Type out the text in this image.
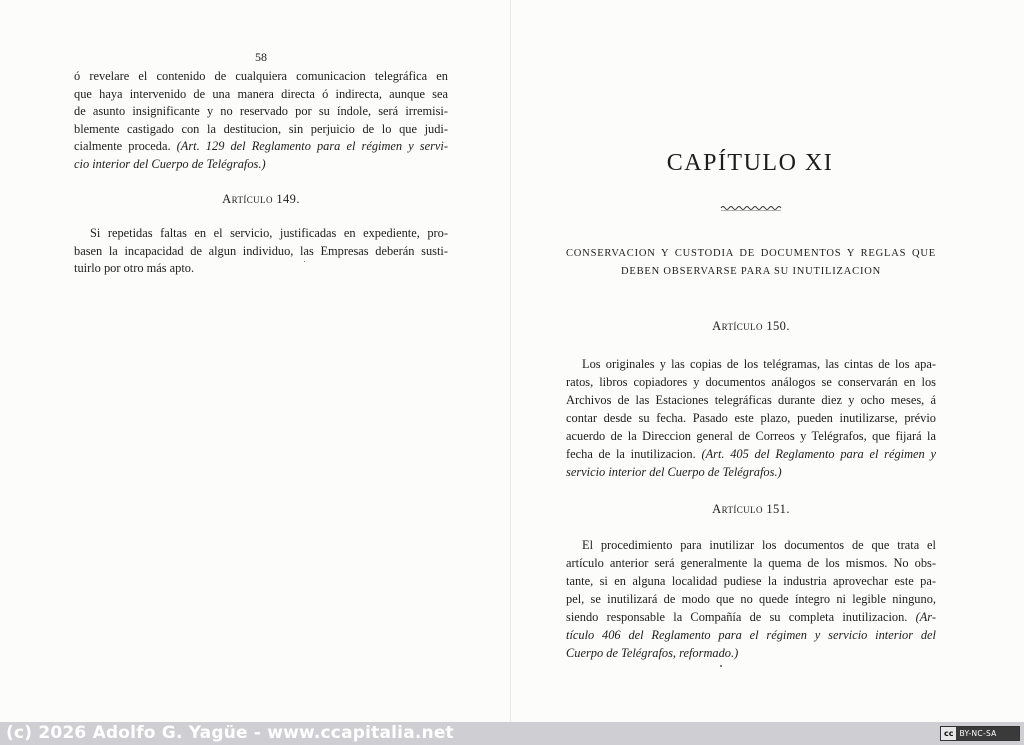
58

ó revelare el contenido de cualquiera comunicacion telegráfica en

que haya intervenido de una manera directa ó indirecta, aunque sea

de asunto insignificante y no reservado por su índole, será irremisi-

blemente castigado con la destitucion, sin perjuicio de lo que judi-

cialmente proceda. (Art. 129 del Reglamento para el régimen y servi-

cio interior del Cuerpo de Telégrafos.)

Artículo 149.

Si repetidas faltas en el servicio, justificadas en expediente, pro-

basen la incapacidad de algun individuo, las Empresas deberán susti-

tuirlo por otro más apto.

CAPÍTULO XI
CONSERVACION Y CUSTODIA DE DOCUMENTOS Y REGLAS QUE
DEBEN OBSERVARSE PARA SU INUTILIZACION
Artículo 150.

Los originales y las copias de los telégramas, las cintas de los apa-

ratos, libros copiadores y documentos análogos se conservarán en los

Archivos de las Estaciones telegráficas durante diez y ocho meses, á

contar desde su fecha. Pasado este plazo, pueden inutilizarse, prévio

acuerdo de la Direccion general de Correos y Telégrafos, que fijará la

fecha de la inutilizacion. (Art. 405 del Reglamento para el régimen y

servicio interior del Cuerpo de Telégrafos.)

Artículo 151.

El procedimiento para inutilizar los documentos de que trata el

artículo anterior será generalmente la quema de los mismos. No obs-

tante, si en alguna localidad pudiese la industria aprovechar este pa-

pel, se inutilizará de modo que no quede íntegro ni legible ninguno,

siendo responsable la Compañía de su completa inutilizacion. (Ar-

tículo 406 del Reglamento para el régimen y servicio interior del

Cuerpo de Telégrafos, reformado.)

(c) 2026 Adolfo G. Yagüe - www.ccapitalia.net	cc BY-NC-SA
